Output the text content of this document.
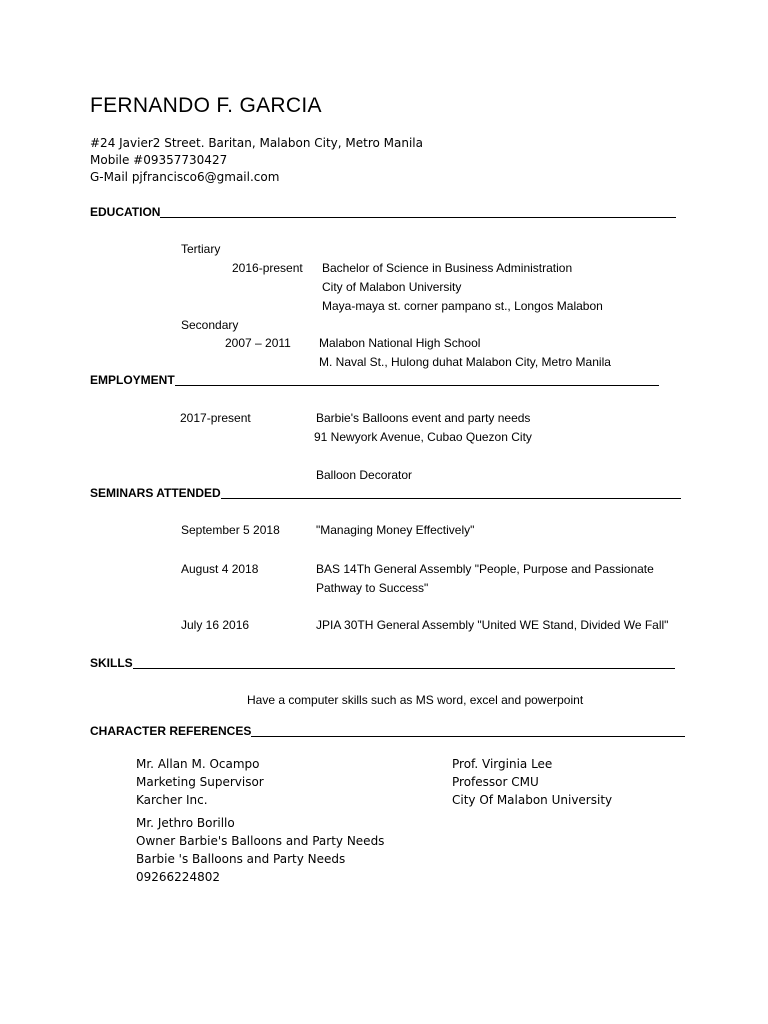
FERNANDO F. GARCIA
#24 Javier2 Street. Baritan, Malabon City, Metro Manila
Mobile #09357730427
G-Mail pjfrancisco6@gmail.com
EDUCATION
Tertiary
2016-present Bachelor of Science in Business Administration
City of Malabon University
Maya-maya st. corner pampano st., Longos Malabon
Secondary
2007 – 2011 Malabon National High School
M. Naval St., Hulong duhat Malabon City, Metro Manila
EMPLOYMENT
2017-present	Barbie's Balloons event and party needs
91 Newyork Avenue, Cubao Quezon City
Balloon Decorator
SEMINARS ATTENDED
September 5 2018	"Managing Money Effectively"
August 4 2018	BAS 14Th General Assembly "People, Purpose and Passionate
Pathway to Success"
July 16 2016	JPIA 30TH General Assembly "United WE Stand, Divided We Fall"
SKILLS
Have a computer skills such as MS word, excel and powerpoint
CHARACTER REFERENCES
Mr. Allan M. Ocampo
Marketing Supervisor
Karcher Inc.
Prof. Virginia Lee
Professor CMU
City Of Malabon University
Mr. Jethro Borillo
Owner Barbie's Balloons and Party Needs
Barbie 's Balloons and Party Needs
09266224802
